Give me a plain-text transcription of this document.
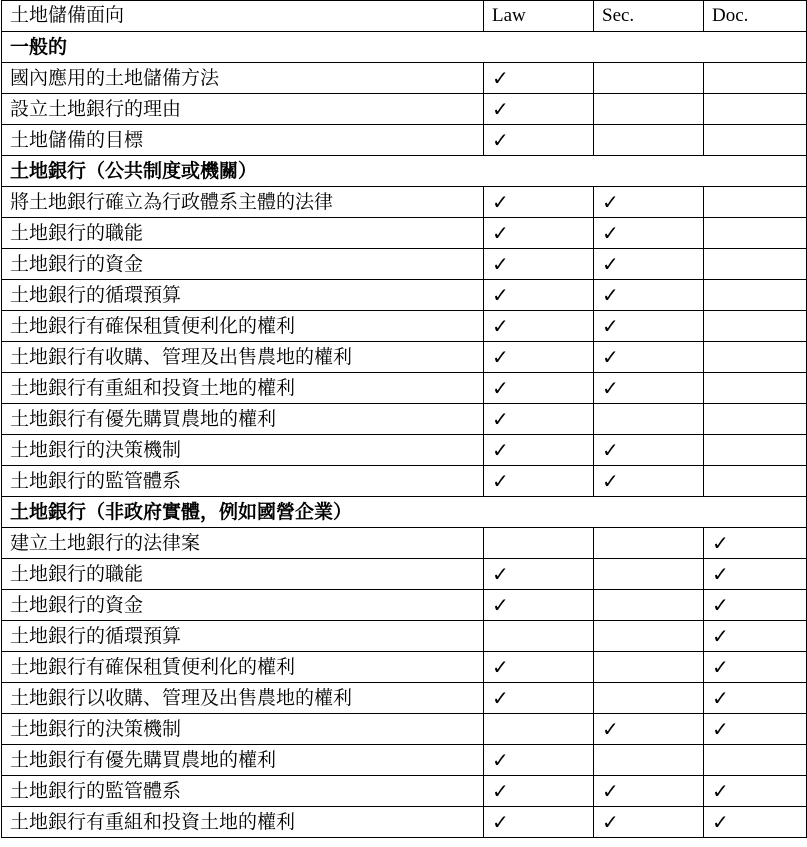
土地儲備面向	Law	Sec.	Doc.
一般的			
國內應用的土地儲備方法	✓		
設立土地銀行的理由	✓		
土地儲備的目標	✓		
土地銀行（公共制度或機關）			
將土地銀行確立為行政體系主體的法律	✓	✓	
土地銀行的職能	✓	✓	
土地銀行的資金	✓	✓	
土地銀行的循環預算	✓	✓	
土地銀行有確保租賃便利化的權利	✓	✓	
土地銀行有收購、管理及出售農地的權利	✓	✓	
土地銀行有重組和投資土地的權利	✓	✓	
土地銀行有優先購買農地的權利	✓		
土地銀行的決策機制	✓	✓	
土地銀行的監管體系	✓	✓	
土地銀行（非政府實體，例如國營企業）			
建立土地銀行的法律案			✓
土地銀行的職能	✓		✓
土地銀行的資金	✓		✓
土地銀行的循環預算			✓
土地銀行有確保租賃便利化的權利	✓		✓
土地銀行以收購、管理及出售農地的權利	✓		✓
土地銀行的決策機制		✓	✓
土地銀行有優先購買農地的權利	✓		
土地銀行的監管體系	✓	✓	✓
土地銀行有重組和投資土地的權利	✓	✓	✓
